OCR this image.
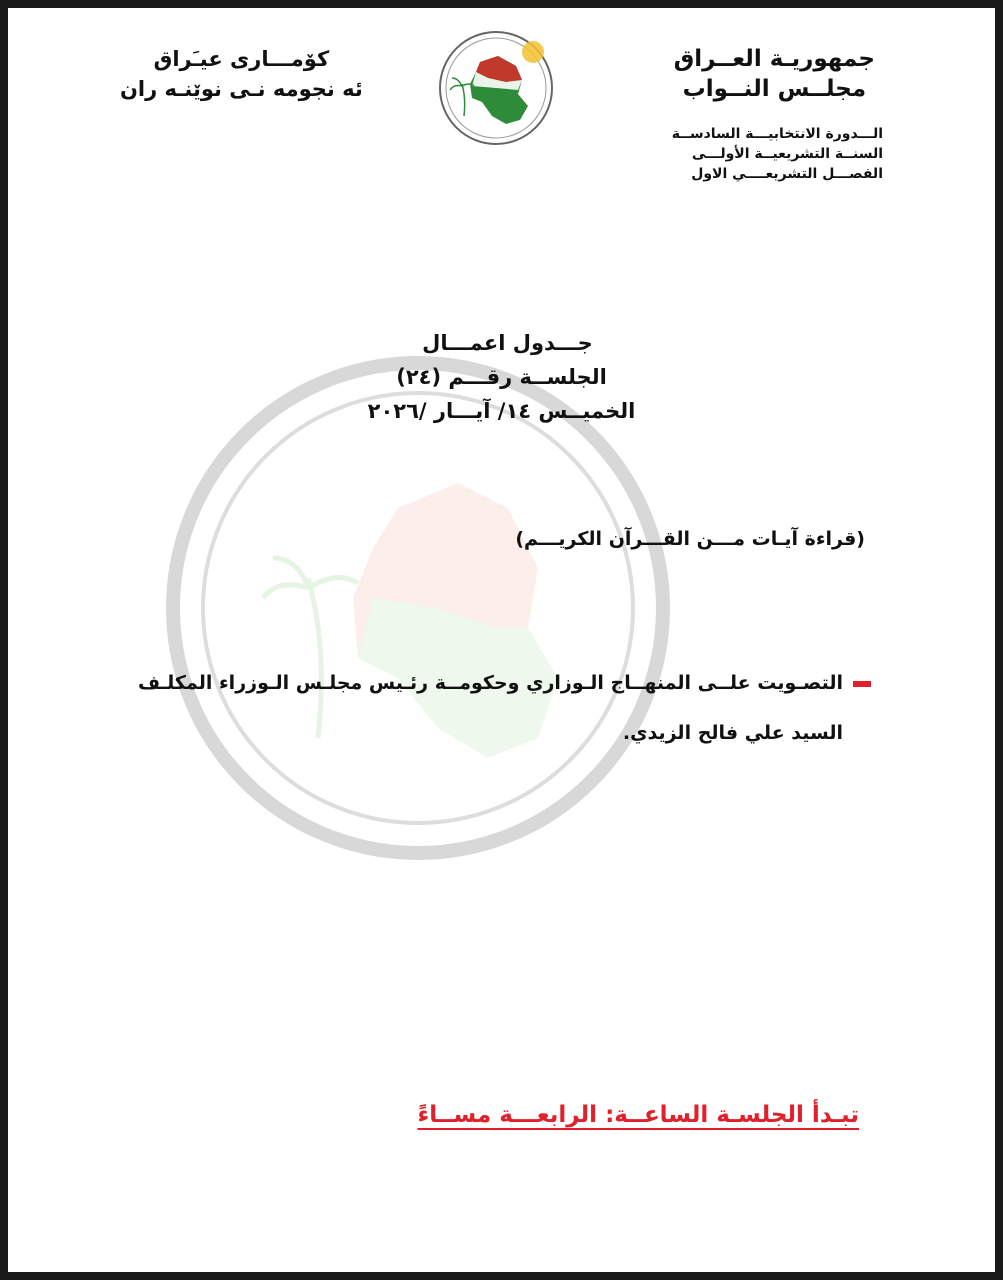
جمهوريـة العــراق
مجلــس النــواب
كۆمـــارى عيـَراق
ئه نجومه نـى نوێنـه ران
الـــدورة الانتخابيـــة السادســة
السنــة التشريعيــة الأولـــى
الفصـــل التشريعــــي الاول
جـــدول اعمـــال
الجلســة رقـــم (٢٤)
الخميــس ١٤/ آيـــار /٢٠٢٦
(قراءة آيـات مـــن القـــرآن الكريـــم)
التصـويت علــى المنهــاج الـوزاري وحكومــة رئـيس مجلـس الـوزراء المكلـف
السيد علي فالح الزيدي.
تبـدأ الجلسـة الساعــة: الرابعـــة مســاءً
